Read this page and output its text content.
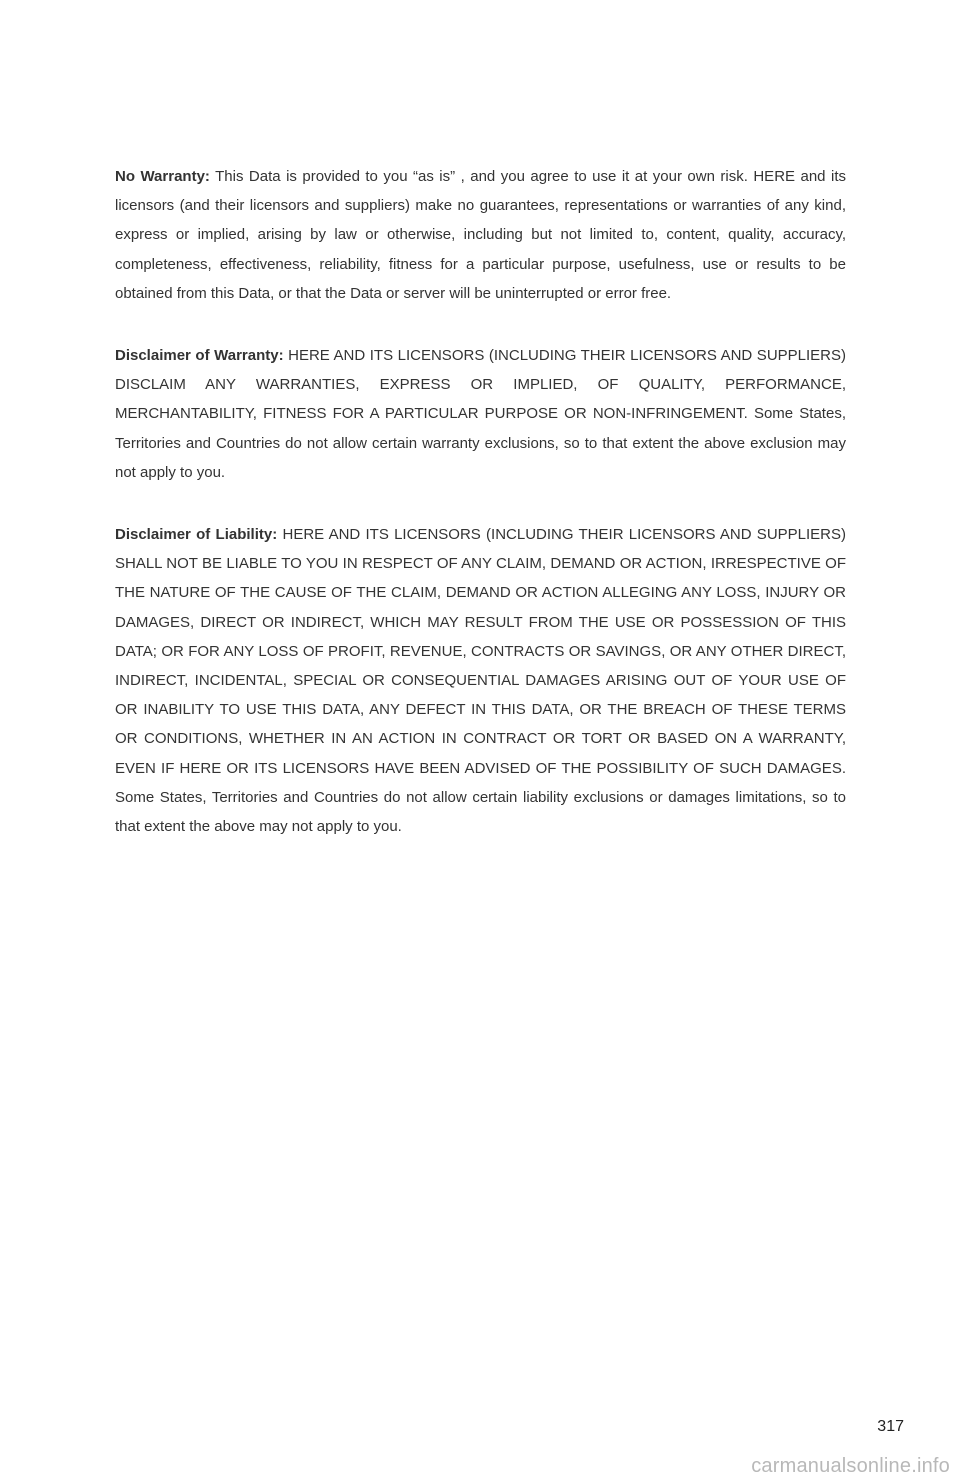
No Warranty: This Data is provided to you “as is” , and you agree to use it at your own risk. HERE and its licensors (and their licensors and suppliers) make no guarantees, representations or warranties of any kind, express or implied, arising by law or otherwise, including but not limited to, content, quality, accuracy, completeness, effectiveness, reliability, fitness for a particular purpose, usefulness, use or results to be obtained from this Data, or that the Data or server will be uninterrupted or error free.

Disclaimer of Warranty: HERE AND ITS LICENSORS (INCLUDING THEIR LICENSORS AND SUPPLIERS) DISCLAIM ANY WARRANTIES, EXPRESS OR IMPLIED, OF QUALITY, PERFORMANCE, MERCHANTABILITY, FITNESS FOR A PARTICULAR PURPOSE OR NON-INFRINGEMENT. Some States, Territories and Countries do not allow certain warranty exclusions, so to that extent the above exclusion may not apply to you.

Disclaimer of Liability: HERE AND ITS LICENSORS (INCLUDING THEIR LICENSORS AND SUPPLIERS) SHALL NOT BE LIABLE TO YOU IN RESPECT OF ANY CLAIM, DEMAND OR ACTION, IRRESPECTIVE OF THE NATURE OF THE CAUSE OF THE CLAIM, DEMAND OR ACTION ALLEGING ANY LOSS, INJURY OR DAMAGES, DIRECT OR INDIRECT, WHICH MAY RESULT FROM THE USE OR POSSESSION OF THIS DATA; OR FOR ANY LOSS OF PROFIT, REVENUE, CONTRACTS OR SAVINGS, OR ANY OTHER DIRECT, INDIRECT, INCIDENTAL, SPECIAL OR CONSEQUENTIAL DAMAGES ARISING OUT OF YOUR USE OF OR INABILITY TO USE THIS DATA, ANY DEFECT IN THIS DATA, OR THE BREACH OF THESE TERMS OR CONDITIONS, WHETHER IN AN ACTION IN CONTRACT OR TORT OR BASED ON A WARRANTY, EVEN IF HERE OR ITS LICENSORS HAVE BEEN ADVISED OF THE POSSIBILITY OF SUCH DAMAGES. Some States, Territories and Countries do not allow certain liability exclusions or damages limitations, so to that extent the above may not apply to you.

317
carmanualsonline.info
